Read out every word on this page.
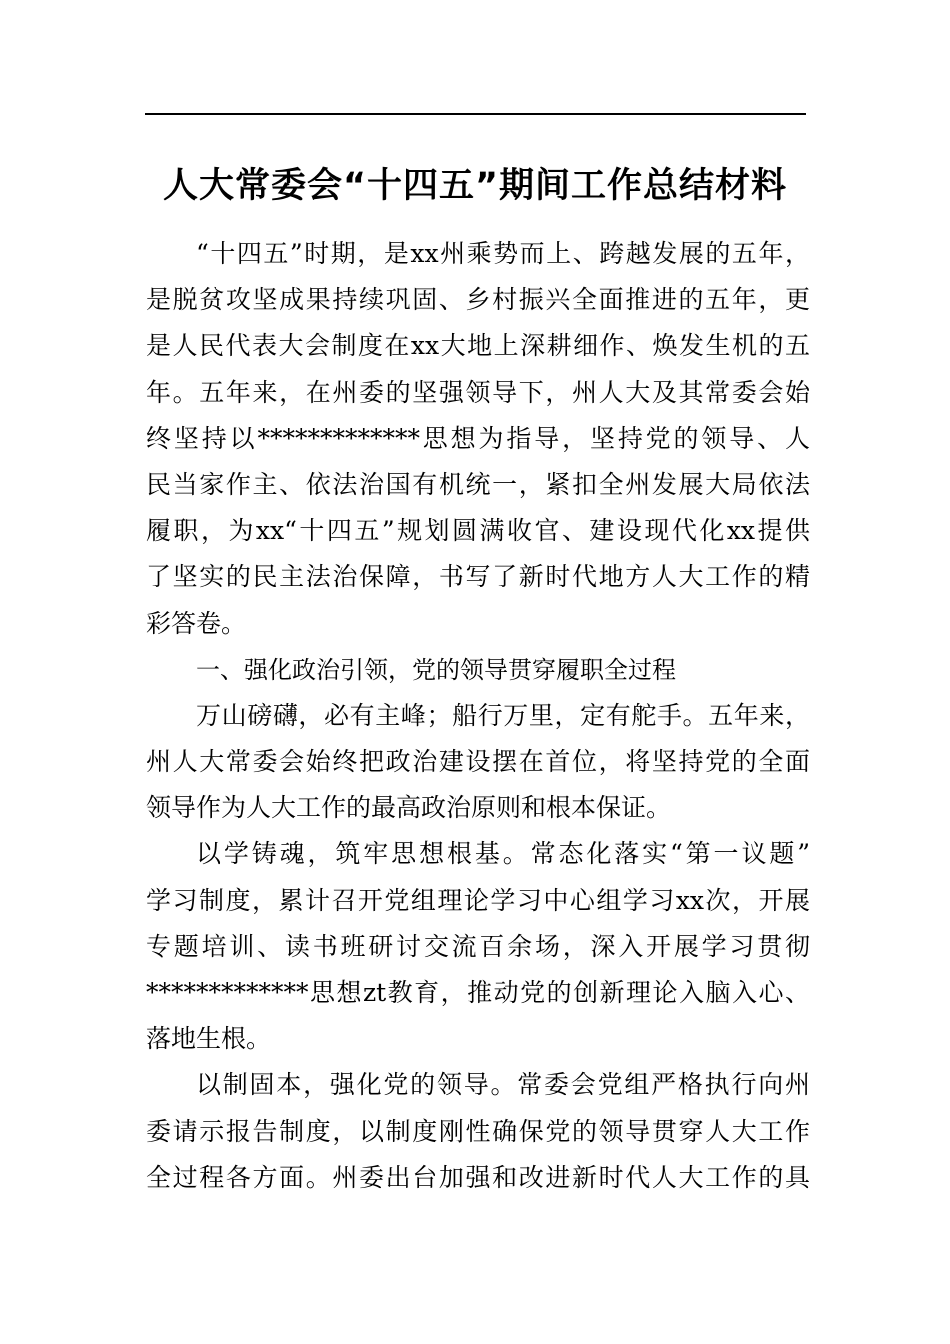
人大常委会“十四五”期间工作总结材料
“十四五”时期，是xx州乘势而上、跨越发展的五年，
是脱贫攻坚成果持续巩固、乡村振兴全面推进的五年，更
是人民代表大会制度在xx大地上深耕细作、焕发生机的五
年。五年来，在州委的坚强领导下，州人大及其常委会始
终坚持以*************思想为指导，坚持党的领导、人
民当家作主、依法治国有机统一，紧扣全州发展大局依法
履职，为xx“十四五”规划圆满收官、建设现代化xx提供
了坚实的民主法治保障，书写了新时代地方人大工作的精
彩答卷。
一、强化政治引领，党的领导贯穿履职全过程
万山磅礴，必有主峰；船行万里，定有舵手。五年来，
州人大常委会始终把政治建设摆在首位，将坚持党的全面
领导作为人大工作的最高政治原则和根本保证。
以学铸魂，筑牢思想根基。常态化落实“第一议题”
学习制度，累计召开党组理论学习中心组学习xx次，开展
专题培训、读书班研讨交流百余场，深入开展学习贯彻
*************思想zt教育，推动党的创新理论入脑入心、
落地生根。
以制固本，强化党的领导。常委会党组严格执行向州
委请示报告制度，以制度刚性确保党的领导贯穿人大工作
全过程各方面。州委出台加强和改进新时代人大工作的具
